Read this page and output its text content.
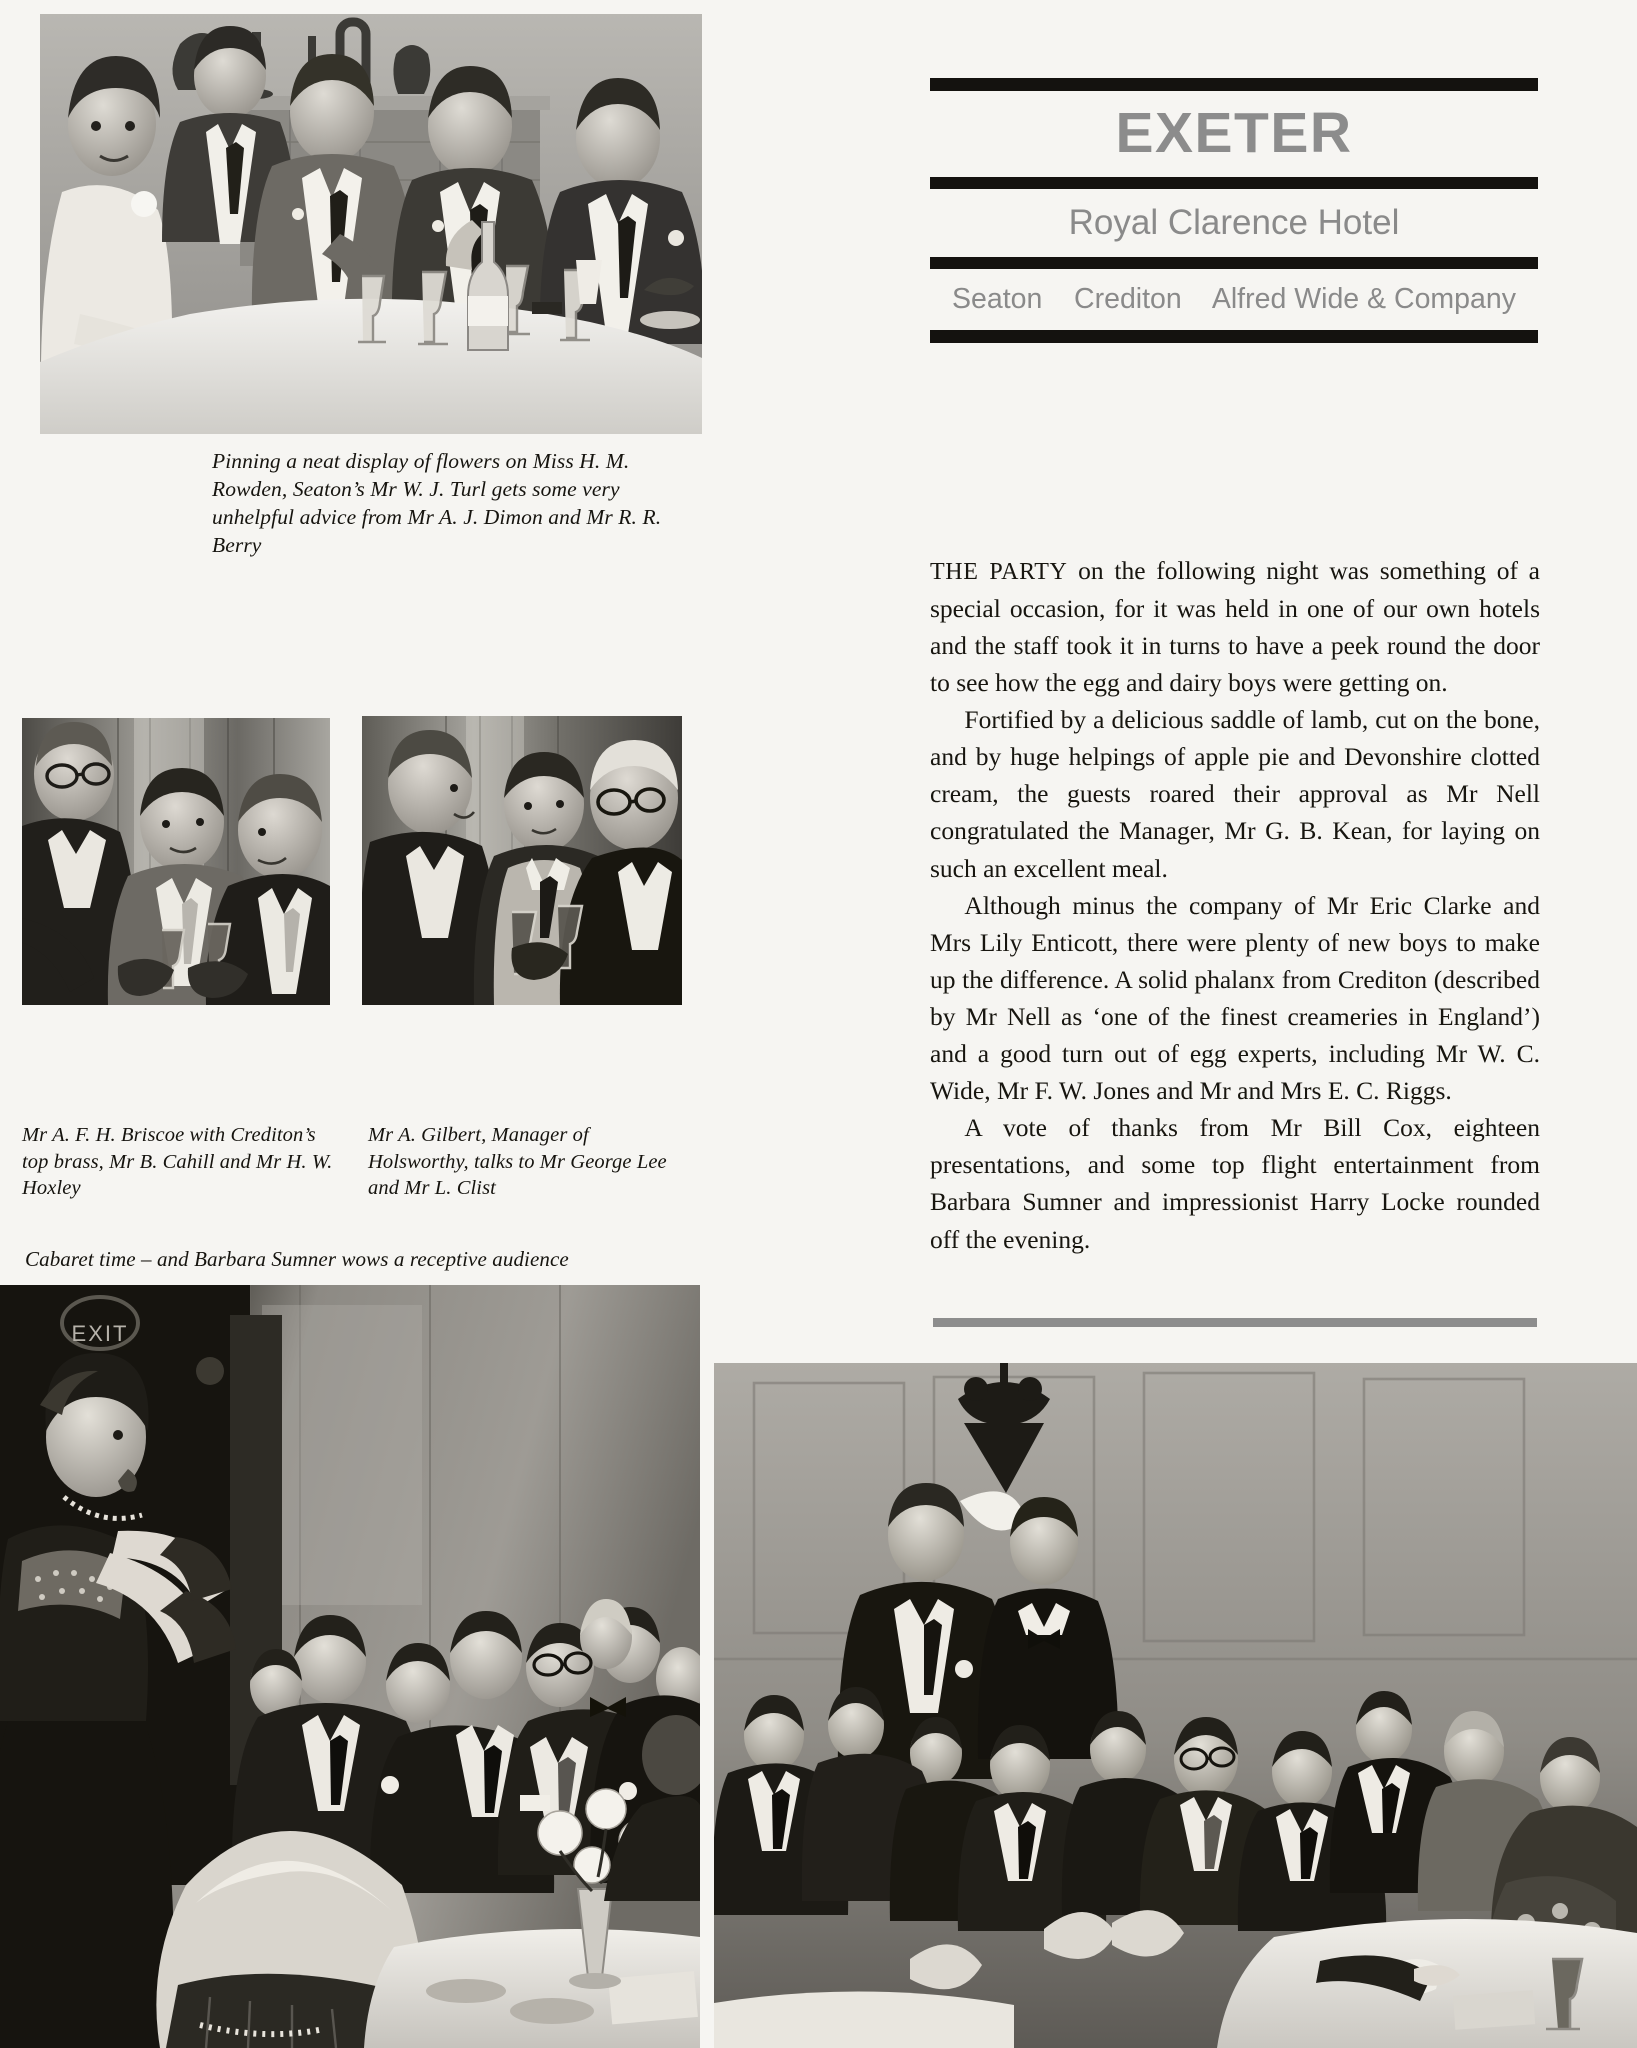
Pinning a neat display of flowers on Miss H. M. Rowden, Seaton’s Mr W. J. Turl gets some very unhelpful advice from Mr A. J. Dimon and Mr R. R. Berry
EXETER
Royal Clarence Hotel
Seaton    Crediton    Alfred Wide & Company

THE PARTY on the following night was something of a special occasion, for it was held in one of our own hotels and the staff took it in turns to have a peek round the door to see how the egg and dairy boys were getting on.

Fortified by a delicious saddle of lamb, cut on the bone, and by huge helpings of apple pie and Devonshire clotted cream, the guests roared their approval as Mr Nell congratulated the Manager, Mr G. B. Kean, for laying on such an excellent meal.

Although minus the company of Mr Eric Clarke and Mrs Lily Enticott, there were plenty of new boys to make up the difference. A solid phalanx from Crediton (described by Mr Nell as ‘one of the finest creameries in England’) and a good turn out of egg experts, including Mr W. C. Wide, Mr F. W. Jones and Mr and Mrs E. C. Riggs.

A vote of thanks from Mr Bill Cox, eighteen presentations, and some top flight entertainment from Barbara Sumner and impressionist Harry Locke rounded off the evening.

Mr A. F. H. Briscoe with Crediton’s top brass, Mr B. Cahill and Mr H. W. Hoxley
Mr A. Gilbert, Manager of Holsworthy, talks to Mr George Lee and Mr L. Clist
Cabaret time – and Barbara Sumner wows a receptive audience
EXIT
